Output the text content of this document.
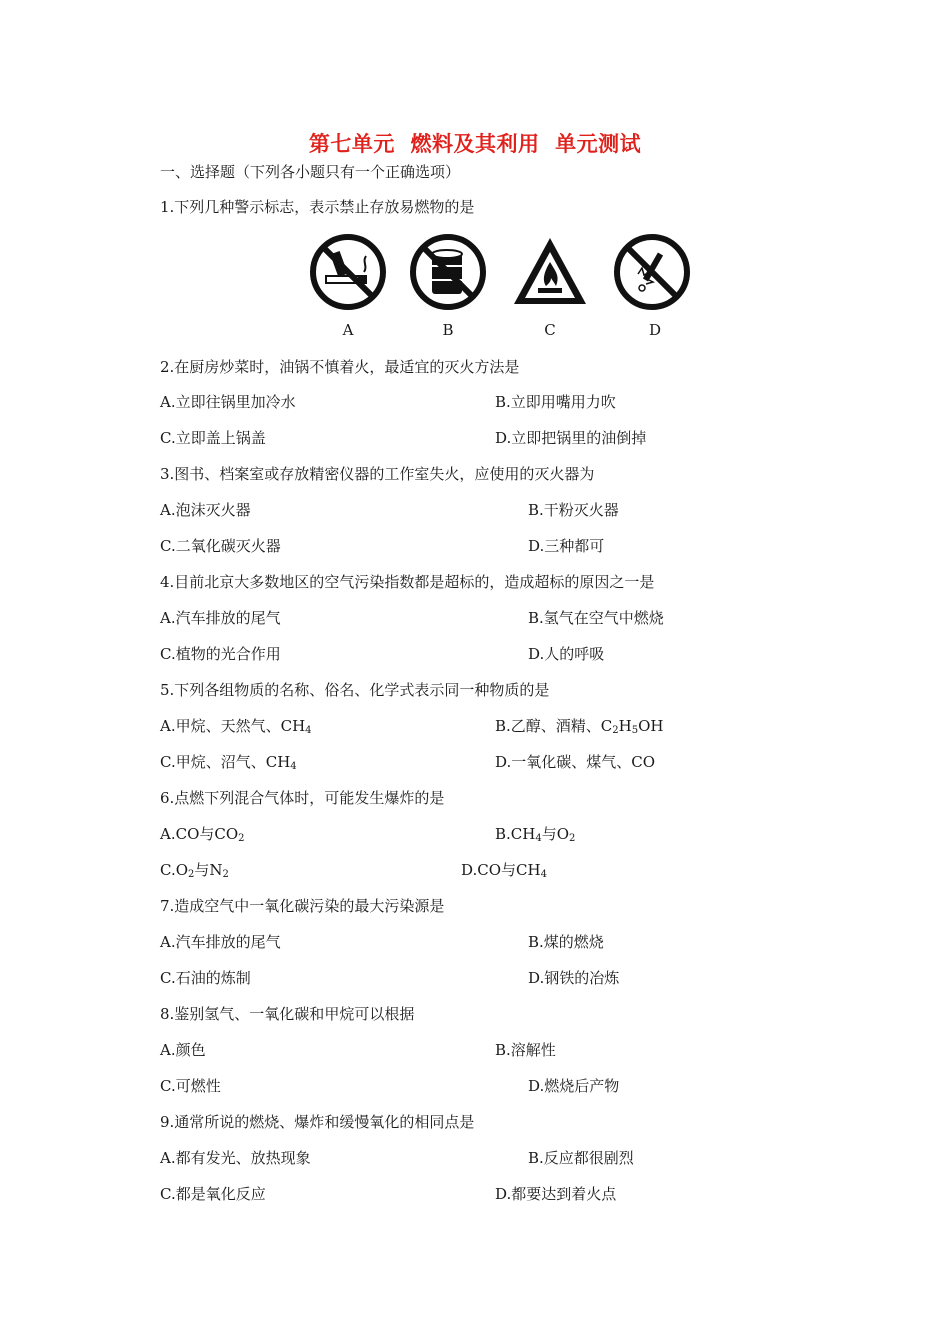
第七单元  燃料及其利用  单元测试
一、选择题（下列各小题只有一个正确选项）
1.下列几种警示标志，表示禁止存放易燃物的是
A	B	C	D
2.在厨房炒菜时，油锅不慎着火，最适宜的灭火方法是
A.立即往锅里加冷水	B.立即用嘴用力吹
C.立即盖上锅盖	D.立即把锅里的油倒掉
3.图书、档案室或存放精密仪器的工作室失火，应使用的灭火器为
A.泡沫灭火器	B.干粉灭火器
C.二氧化碳灭火器	D.三种都可
4.目前北京大多数地区的空气污染指数都是超标的，造成超标的原因之一是
A.汽车排放的尾气	B.氢气在空气中燃烧
C.植物的光合作用	D.人的呼吸
5.下列各组物质的名称、俗名、化学式表示同一种物质的是
A.甲烷、天然气、$CH_4$	B.乙醇、酒精、$C_2H_5OH$
C.甲烷、沼气、$CH_4$	D.一氧化碳、煤气、CO
6.点燃下列混合气体时，可能发生爆炸的是
A.CO与$CO_2$	$B.CH_4$与$O_2$
$C.O_2$与$N_2$	D.CO与$CH_4$
7.造成空气中一氧化碳污染的最大污染源是
A.汽车排放的尾气	B.煤的燃烧
C.石油的炼制	D.钢铁的冶炼
8.鉴别氢气、一氧化碳和甲烷可以根据
A.颜色	B.溶解性
C.可燃性	D.燃烧后产物
9.通常所说的燃烧、爆炸和缓慢氧化的相同点是
A.都有发光、放热现象	B.反应都很剧烈
C.都是氧化反应	D.都要达到着火点
